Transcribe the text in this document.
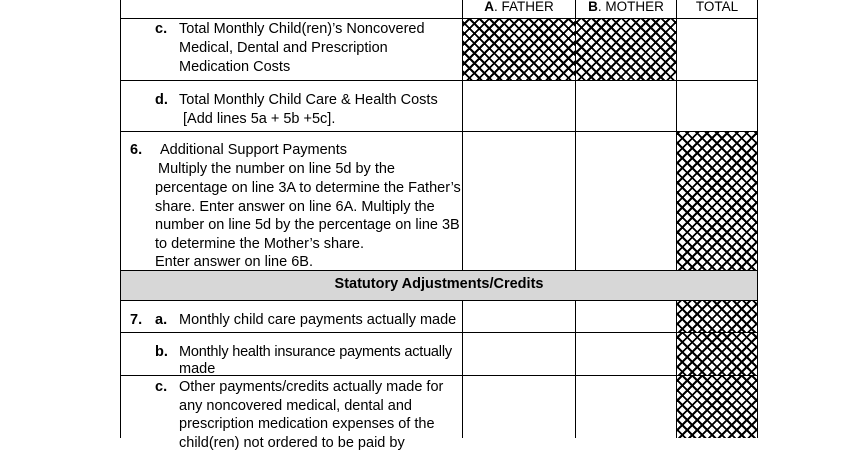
A. FATHER	B. MOTHER	TOTAL
Statutory Adjustments/Credits
c. Total Monthly Child(ren)’s Noncovered
Medical, Dental and Prescription
Medication Costs
d. Total Monthly Child Care & Health Costs
[Add lines 5a + 5b +5c].
6. Additional Support Payments
Multiply the number on line 5d by the
percentage on line 3A to determine the Father’s
share. Enter answer on line 6A. Multiply the
number on line 5d by the percentage on line 3B
to determine the Mother’s share.
Enter answer on line 6B.
7. a. Monthly child care payments actually made
b. Monthly health insurance payments actually
made
c. Other payments/credits actually made for
any noncovered medical, dental and
prescription medication expenses of the
child(ren) not ordered to be paid by
